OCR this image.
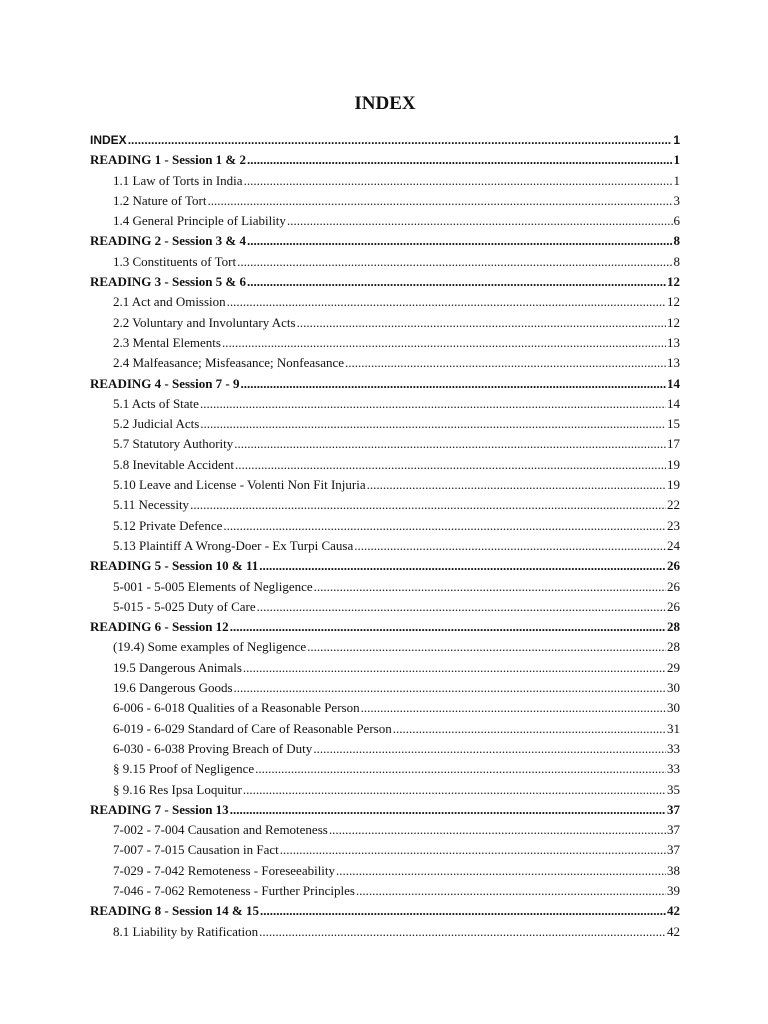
INDEX
INDEX .....	1
READING 1 - Session 1 & 2 .....	1
1.1 Law of Torts in India .....	1
1.2 Nature of Tort .....	3
1.4 General Principle of Liability .....	6
READING 2 - Session 3 & 4 .....	8
1.3 Constituents of Tort .....	8
READING 3 - Session 5 & 6 .....	12
2.1 Act and Omission .....	12
2.2 Voluntary and Involuntary Acts .....	12
2.3 Mental Elements .....	13
2.4 Malfeasance; Misfeasance; Nonfeasance .....	13
READING 4 - Session 7 - 9 .....	14
5.1 Acts of State .....	14
5.2 Judicial Acts .....	15
5.7 Statutory Authority .....	17
5.8 Inevitable Accident .....	19
5.10 Leave and License - Volenti Non Fit Injuria .....	19
5.11 Necessity .....	22
5.12 Private Defence .....	23
5.13 Plaintiff A Wrong-Doer - Ex Turpi Causa .....	24
READING 5 - Session 10 & 11 .....	26
5-001 - 5-005 Elements of Negligence .....	26
5-015 - 5-025 Duty of Care .....	26
READING 6 - Session 12 .....	28
(19.4) Some examples of Negligence .....	28
19.5 Dangerous Animals .....	29
19.6 Dangerous Goods .....	30
6-006 - 6-018 Qualities of a Reasonable Person .....	30
6-019 - 6-029 Standard of Care of Reasonable Person .....	31
6-030 - 6-038 Proving Breach of Duty .....	33
§ 9.15 Proof of Negligence .....	33
§ 9.16 Res Ipsa Loquitur .....	35
READING 7 - Session 13 .....	37
7-002 - 7-004 Causation and Remoteness .....	37
7-007 - 7-015 Causation in Fact .....	37
7-029 - 7-042 Remoteness - Foreseeability .....	38
7-046 - 7-062 Remoteness - Further Principles .....	39
READING 8 - Session 14 & 15 .....	42
8.1 Liability by Ratification .....	42
